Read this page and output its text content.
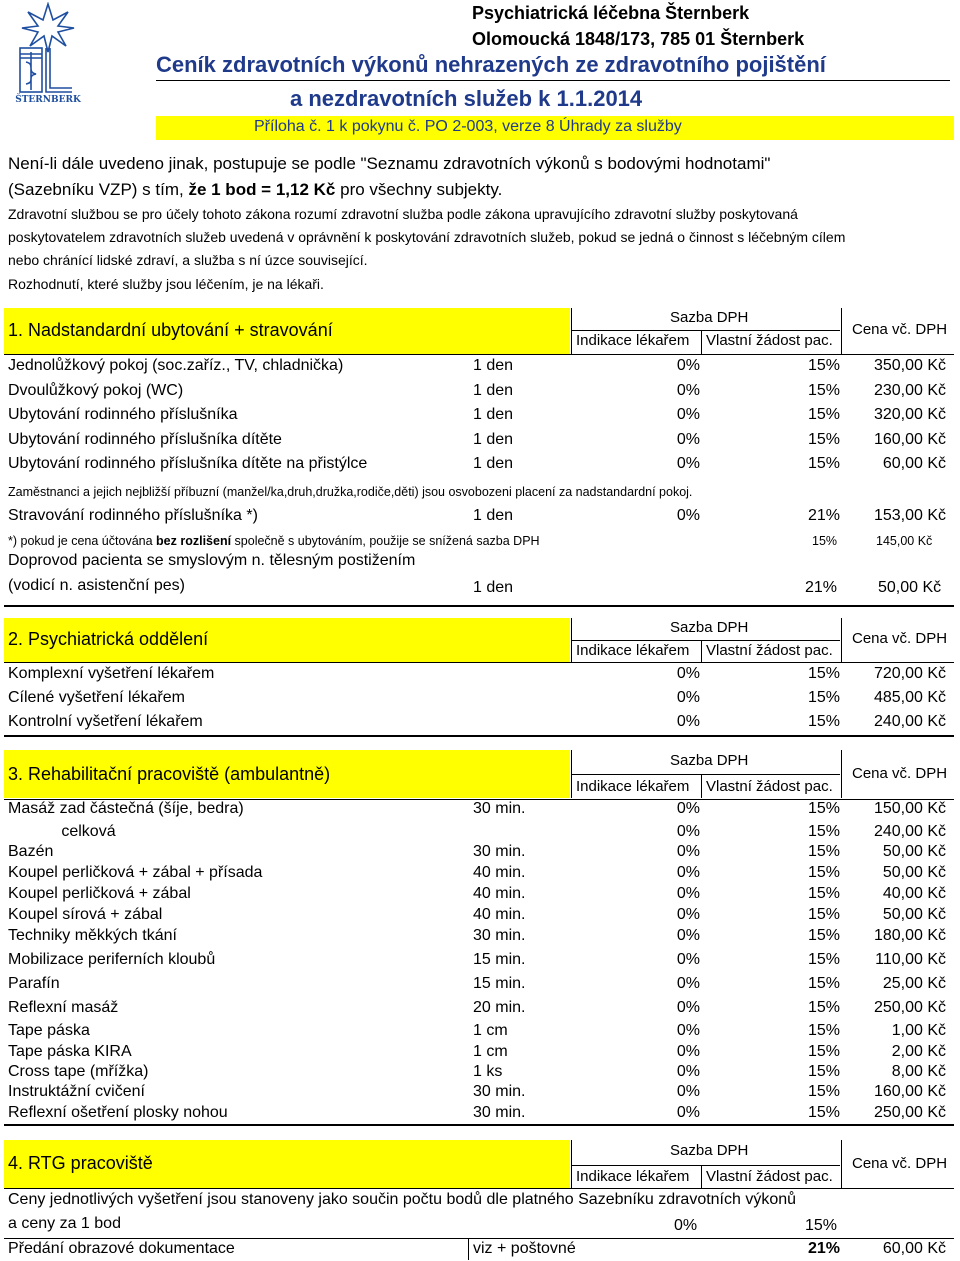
ŠTERNBERK
Psychiatrická léčebna Šternberk
Olomoucká 1848/173, 785 01 Šternberk
Ceník zdravotních výkonů nehrazených ze zdravotního pojištění
a nezdravotních služeb k 1.1.2014
Příloha č. 1 k pokynu č. PO 2-003, verze 8 Úhrady za služby
Není-li dále uvedeno jinak, postupuje se podle "Seznamu zdravotních výkonů s bodovými hodnotami"
(Sazebníku VZP) s tím, že 1 bod = 1,12 Kč pro všechny subjekty.
Zdravotní službou se pro účely tohoto zákona rozumí zdravotní služba podle zákona upravujícího zdravotní služby poskytovaná
poskytovatelem zdravotních služeb uvedená v oprávnění k poskytování zdravotních služeb, pokud se jedná o činnost s léčebným cílem
nebo chránící lidské zdraví, a služba s ní úzce související.
Rozhodnutí, které služby jsou léčením, je na lékaři.
1. Nadstandardní ubytování + stravování
Sazba DPH
Indikace lékařem Vlastní žádost pac.
Cena vč. DPH
Jednolůžkový pokoj (soc.zaříz., TV, chladnička)	1 den	0%	15% 350,00 Kč
Dvoulůžkový pokoj (WC)	1 den	0%	15% 230,00 Kč
Ubytování rodinného příslušníka	1 den	0%	15% 320,00 Kč
Ubytování rodinného příslušníka dítěte	1 den	0%	15% 160,00 Kč
Ubytování rodinného příslušníka dítěte na přistýlce	1 den	0%	15%	60,00 Kč
Zaměstnanci a jejich nejbližší příbuzní (manžel/ka,druh,družka,rodiče,děti) jsou osvobozeni placení za nadstandardní pokoj.
Stravování rodinného příslušníka *)	1 den	0%	21% 153,00 Kč
*) pokud je cena účtována bez rozlišení společně s ubytováním, použije se snížená sazba DPH	15%	145,00 Kč
Doprovod pacienta se smyslovým n. tělesným postižením
(vodicí n. asistenční pes)	1 den	21%	50,00 Kč
2. Psychiatrická oddělení
Sazba DPH
Indikace lékařem Vlastní žádost pac.
Cena vč. DPH
Komplexní vyšetření lékařem	0%	15% 720,00 Kč
Cílené vyšetření lékařem	0%	15% 485,00 Kč
Kontrolní vyšetření lékařem	0%	15% 240,00 Kč
3. Rehabilitační pracoviště (ambulantně)
Sazba DPH
Indikace lékařem Vlastní žádost pac.
Cena vč. DPH
Masáž zad částečná (šíje, bedra)	30 min.	0%	15% 150,00 Kč
celková	0%	15% 240,00 Kč
Bazén	30 min.	0%	15%	50,00 Kč
Koupel perličková + zábal + přísada	40 min.	0%	15%	50,00 Kč
Koupel perličková + zábal	40 min.	0%	15%	40,00 Kč
Koupel sírová + zábal	40 min.	0%	15%	50,00 Kč
Techniky měkkých tkání	30 min.	0%	15% 180,00 Kč
Mobilizace periferních kloubů	15 min.	0%	15% 110,00 Kč
Parafín	15 min.	0%	15%	25,00 Kč
Reflexní masáž	20 min.	0%	15% 250,00 Kč
Tape páska	1 cm	0%	15%	1,00 Kč
Tape páska KIRA	1 cm	0%	15%	2,00 Kč
Cross tape (mřížka)	1 ks	0%	15%	8,00 Kč
Instruktážní cvičení	30 min.	0%	15% 160,00 Kč
Reflexní ošetření plosky nohou	30 min.	0%	15% 250,00 Kč
4. RTG pracoviště
Sazba DPH
Indikace lékařem Vlastní žádost pac.
Cena vč. DPH
Ceny jednotlivých vyšetření jsou stanoveny jako součin počtu bodů dle platného Sazebníku zdravotních výkonů
a ceny za 1 bod	0%	15%
Předání obrazové dokumentace	viz + poštovné	21%	60,00 Kč
